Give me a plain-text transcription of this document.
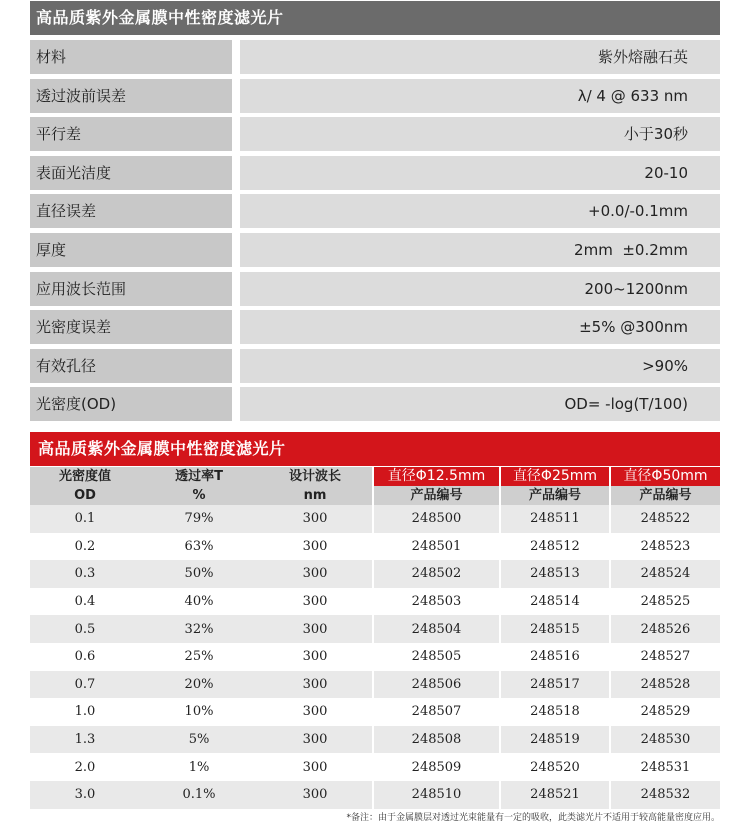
高品质紫外金属膜中性密度滤光片
材料	紫外熔融石英
透过波前误差	λ/ 4 @ 633 nm
平行差	小于30秒
表面光洁度	20-10
直径误差	+0.0/-0.1mm
厚度	2mm  ±0.2mm
应用波长范围	200~1200nm
光密度误差	±5% @300nm
有效孔径	>90%
光密度(OD)	OD= -log(T/100)
高品质紫外金属膜中性密度滤光片
光密度值	透过率T	设计波长	直径Φ12.5mm	直径Φ25mm	直径Φ50mm
OD	%	nm	产品编号	产品编号	产品编号
0.1	79%	300	248500	248511	248522
0.2	63%	300	248501	248512	248523
0.3	50%	300	248502	248513	248524
0.4	40%	300	248503	248514	248525
0.5	32%	300	248504	248515	248526
0.6	25%	300	248505	248516	248527
0.7	20%	300	248506	248517	248528
1.0	10%	300	248507	248518	248529
1.3	5%	300	248508	248519	248530
2.0	1%	300	248509	248520	248531
3.0	0.1%	300	248510	248521	248532
*备注：由于金属膜层对透过光束能量有一定的吸收，此类滤光片不适用于较高能量密度应用。
